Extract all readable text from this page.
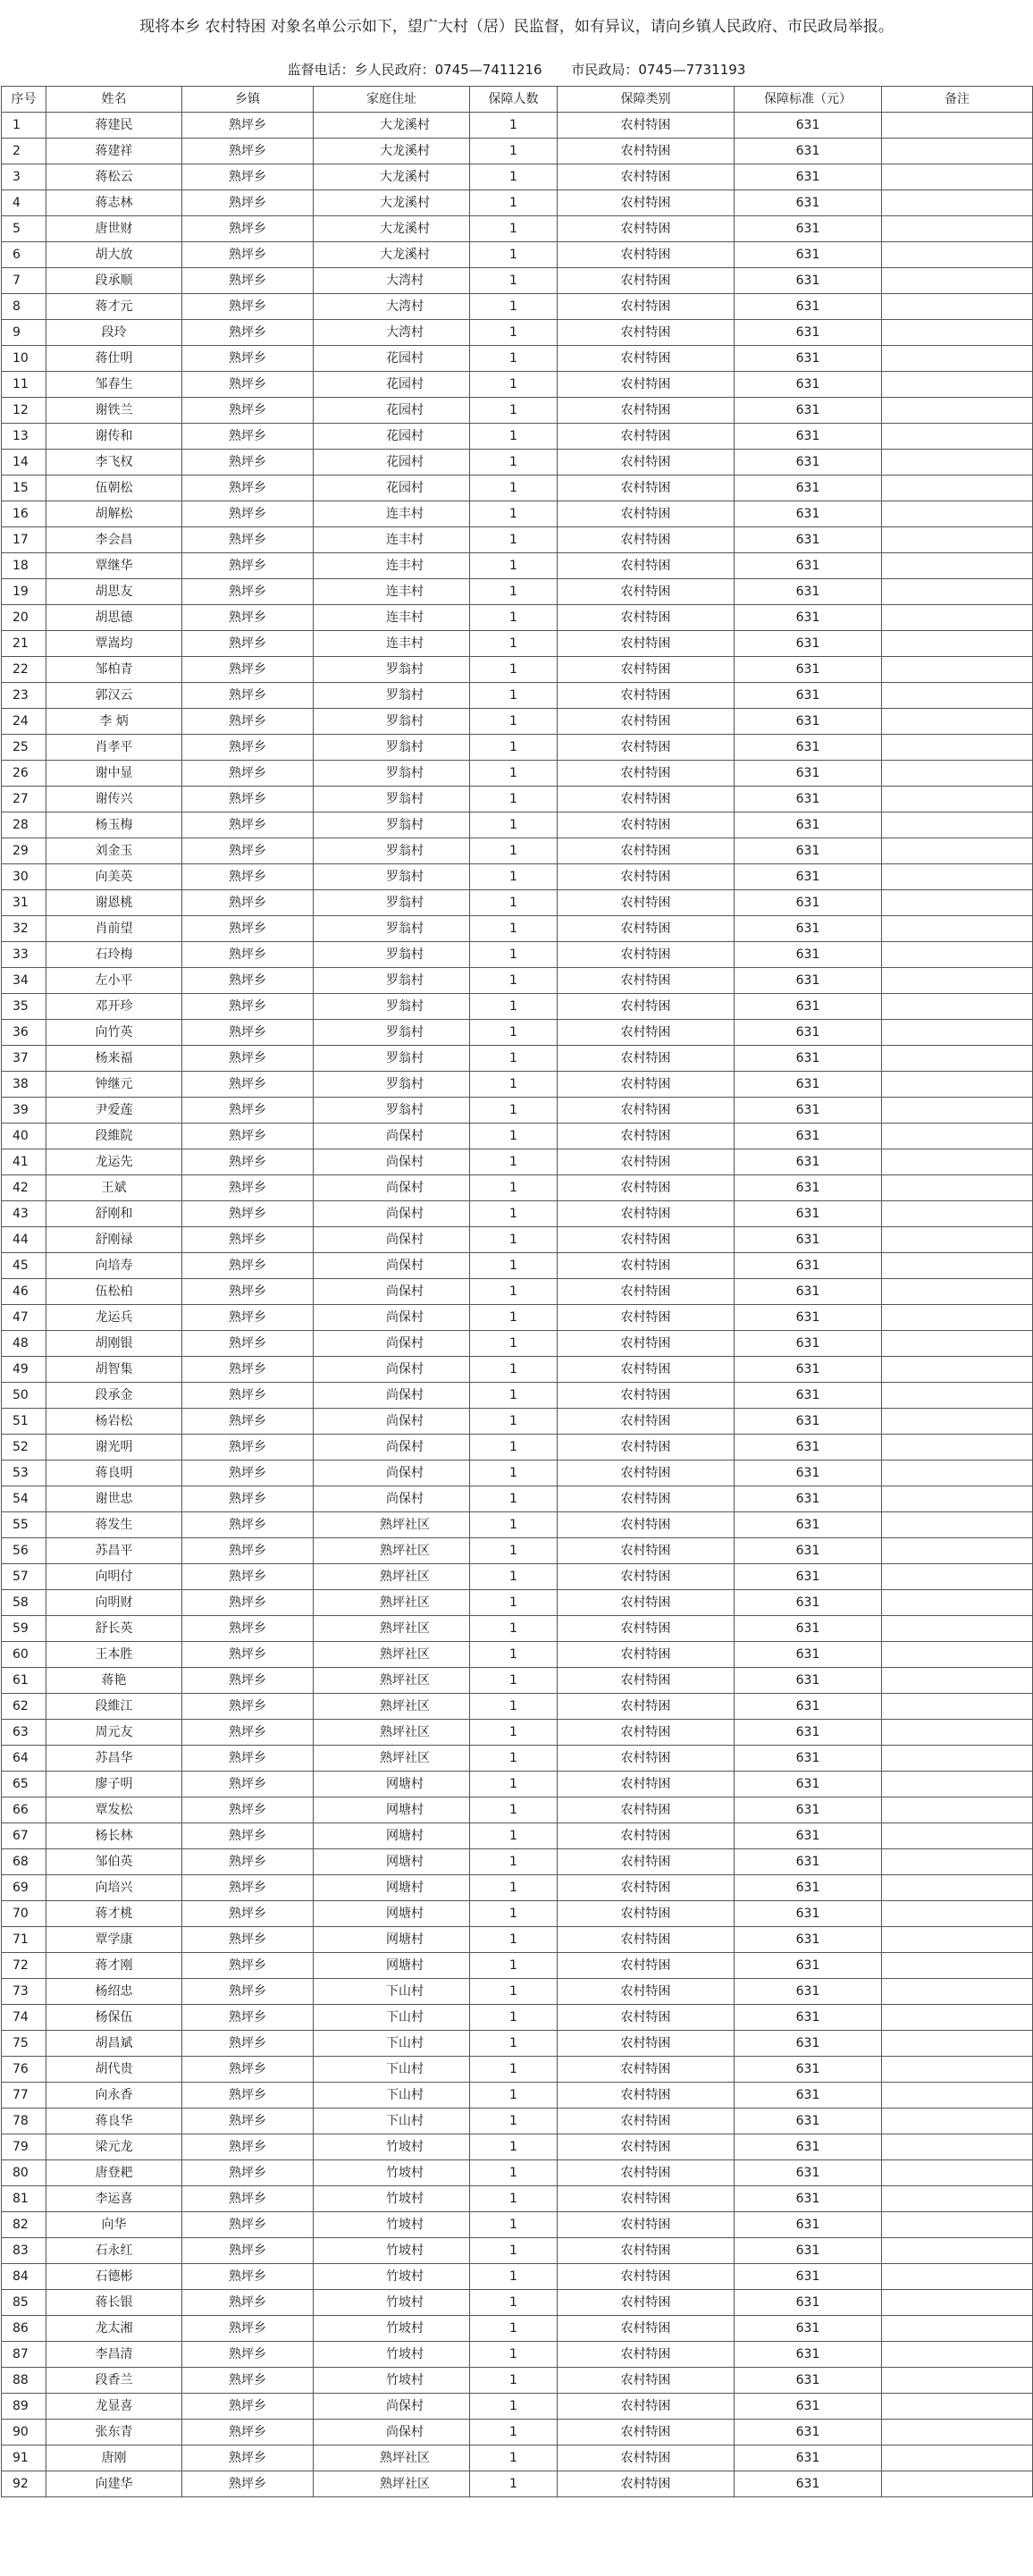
现将本乡 农村特困 对象名单公示如下，望广大村（居）民监督，如有异议，请向乡镇人民政府、市民政局举报。
监督电话：乡人民政府：0745—7411216 市民政局：0745—7731193
序号	姓名	乡镇	家庭住址	保障人数	保障类别	保障标准（元）	备注
1	蒋建民	熟坪乡	大龙溪村	1	农村特困	631	
2	蒋建祥	熟坪乡	大龙溪村	1	农村特困	631	
3	蒋松云	熟坪乡	大龙溪村	1	农村特困	631	
4	蒋志林	熟坪乡	大龙溪村	1	农村特困	631	
5	唐世财	熟坪乡	大龙溪村	1	农村特困	631	
6	胡大放	熟坪乡	大龙溪村	1	农村特困	631	
7	段承顺	熟坪乡	大湾村	1	农村特困	631	
8	蒋才元	熟坪乡	大湾村	1	农村特困	631	
9	段玲	熟坪乡	大湾村	1	农村特困	631	
10	蒋仕明	熟坪乡	花园村	1	农村特困	631	
11	邹春生	熟坪乡	花园村	1	农村特困	631	
12	谢铁兰	熟坪乡	花园村	1	农村特困	631	
13	谢传和	熟坪乡	花园村	1	农村特困	631	
14	李飞权	熟坪乡	花园村	1	农村特困	631	
15	伍朝松	熟坪乡	花园村	1	农村特困	631	
16	胡解松	熟坪乡	连丰村	1	农村特困	631	
17	李会昌	熟坪乡	连丰村	1	农村特困	631	
18	覃继华	熟坪乡	连丰村	1	农村特困	631	
19	胡思友	熟坪乡	连丰村	1	农村特困	631	
20	胡思德	熟坪乡	连丰村	1	农村特困	631	
21	覃嵩均	熟坪乡	连丰村	1	农村特困	631	
22	邹柏青	熟坪乡	罗翁村	1	农村特困	631	
23	郭汉云	熟坪乡	罗翁村	1	农村特困	631	
24	李 炳	熟坪乡	罗翁村	1	农村特困	631	
25	肖孝平	熟坪乡	罗翁村	1	农村特困	631	
26	谢中显	熟坪乡	罗翁村	1	农村特困	631	
27	谢传兴	熟坪乡	罗翁村	1	农村特困	631	
28	杨玉梅	熟坪乡	罗翁村	1	农村特困	631	
29	刘金玉	熟坪乡	罗翁村	1	农村特困	631	
30	向美英	熟坪乡	罗翁村	1	农村特困	631	
31	谢恩桃	熟坪乡	罗翁村	1	农村特困	631	
32	肖前望	熟坪乡	罗翁村	1	农村特困	631	
33	石玲梅	熟坪乡	罗翁村	1	农村特困	631	
34	左小平	熟坪乡	罗翁村	1	农村特困	631	
35	邓开珍	熟坪乡	罗翁村	1	农村特困	631	
36	向竹英	熟坪乡	罗翁村	1	农村特困	631	
37	杨来福	熟坪乡	罗翁村	1	农村特困	631	
38	钟继元	熟坪乡	罗翁村	1	农村特困	631	
39	尹爱莲	熟坪乡	罗翁村	1	农村特困	631	
40	段維院	熟坪乡	尚保村	1	农村特困	631	
41	龙运先	熟坪乡	尚保村	1	农村特困	631	
42	王斌	熟坪乡	尚保村	1	农村特困	631	
43	舒刚和	熟坪乡	尚保村	1	农村特困	631	
44	舒刚禄	熟坪乡	尚保村	1	农村特困	631	
45	向培寿	熟坪乡	尚保村	1	农村特困	631	
46	伍松柏	熟坪乡	尚保村	1	农村特困	631	
47	龙运兵	熟坪乡	尚保村	1	农村特困	631	
48	胡刚银	熟坪乡	尚保村	1	农村特困	631	
49	胡智集	熟坪乡	尚保村	1	农村特困	631	
50	段承金	熟坪乡	尚保村	1	农村特困	631	
51	杨岩松	熟坪乡	尚保村	1	农村特困	631	
52	谢光明	熟坪乡	尚保村	1	农村特困	631	
53	蒋良明	熟坪乡	尚保村	1	农村特困	631	
54	谢世忠	熟坪乡	尚保村	1	农村特困	631	
55	蒋发生	熟坪乡	熟坪社区	1	农村特困	631	
56	苏昌平	熟坪乡	熟坪社区	1	农村特困	631	
57	向明付	熟坪乡	熟坪社区	1	农村特困	631	
58	向明财	熟坪乡	熟坪社区	1	农村特困	631	
59	舒长英	熟坪乡	熟坪社区	1	农村特困	631	
60	王本胜	熟坪乡	熟坪社区	1	农村特困	631	
61	蒋艳	熟坪乡	熟坪社区	1	农村特困	631	
62	段維江	熟坪乡	熟坪社区	1	农村特困	631	
63	周元友	熟坪乡	熟坪社区	1	农村特困	631	
64	苏昌华	熟坪乡	熟坪社区	1	农村特困	631	
65	廖子明	熟坪乡	网塘村	1	农村特困	631	
66	覃发松	熟坪乡	网塘村	1	农村特困	631	
67	杨长林	熟坪乡	网塘村	1	农村特困	631	
68	邹伯英	熟坪乡	网塘村	1	农村特困	631	
69	向培兴	熟坪乡	网塘村	1	农村特困	631	
70	蒋才桃	熟坪乡	网塘村	1	农村特困	631	
71	覃学康	熟坪乡	网塘村	1	农村特困	631	
72	蒋才刚	熟坪乡	网塘村	1	农村特困	631	
73	杨绍忠	熟坪乡	下山村	1	农村特困	631	
74	杨保伍	熟坪乡	下山村	1	农村特困	631	
75	胡昌斌	熟坪乡	下山村	1	农村特困	631	
76	胡代贵	熟坪乡	下山村	1	农村特困	631	
77	向永香	熟坪乡	下山村	1	农村特困	631	
78	蒋良华	熟坪乡	下山村	1	农村特困	631	
79	梁元龙	熟坪乡	竹坡村	1	农村特困	631	
80	唐登耙	熟坪乡	竹坡村	1	农村特困	631	
81	李运喜	熟坪乡	竹坡村	1	农村特困	631	
82	向华	熟坪乡	竹坡村	1	农村特困	631	
83	石永红	熟坪乡	竹坡村	1	农村特困	631	
84	石德彬	熟坪乡	竹坡村	1	农村特困	631	
85	蒋长银	熟坪乡	竹坡村	1	农村特困	631	
86	龙太湘	熟坪乡	竹坡村	1	农村特困	631	
87	李昌清	熟坪乡	竹坡村	1	农村特困	631	
88	段香兰	熟坪乡	竹坡村	1	农村特困	631	
89	龙显喜	熟坪乡	尚保村	1	农村特困	631	
90	张东青	熟坪乡	尚保村	1	农村特困	631	
91	唐刚	熟坪乡	熟坪社区	1	农村特困	631	
92	向建华	熟坪乡	熟坪社区	1	农村特困	631	
